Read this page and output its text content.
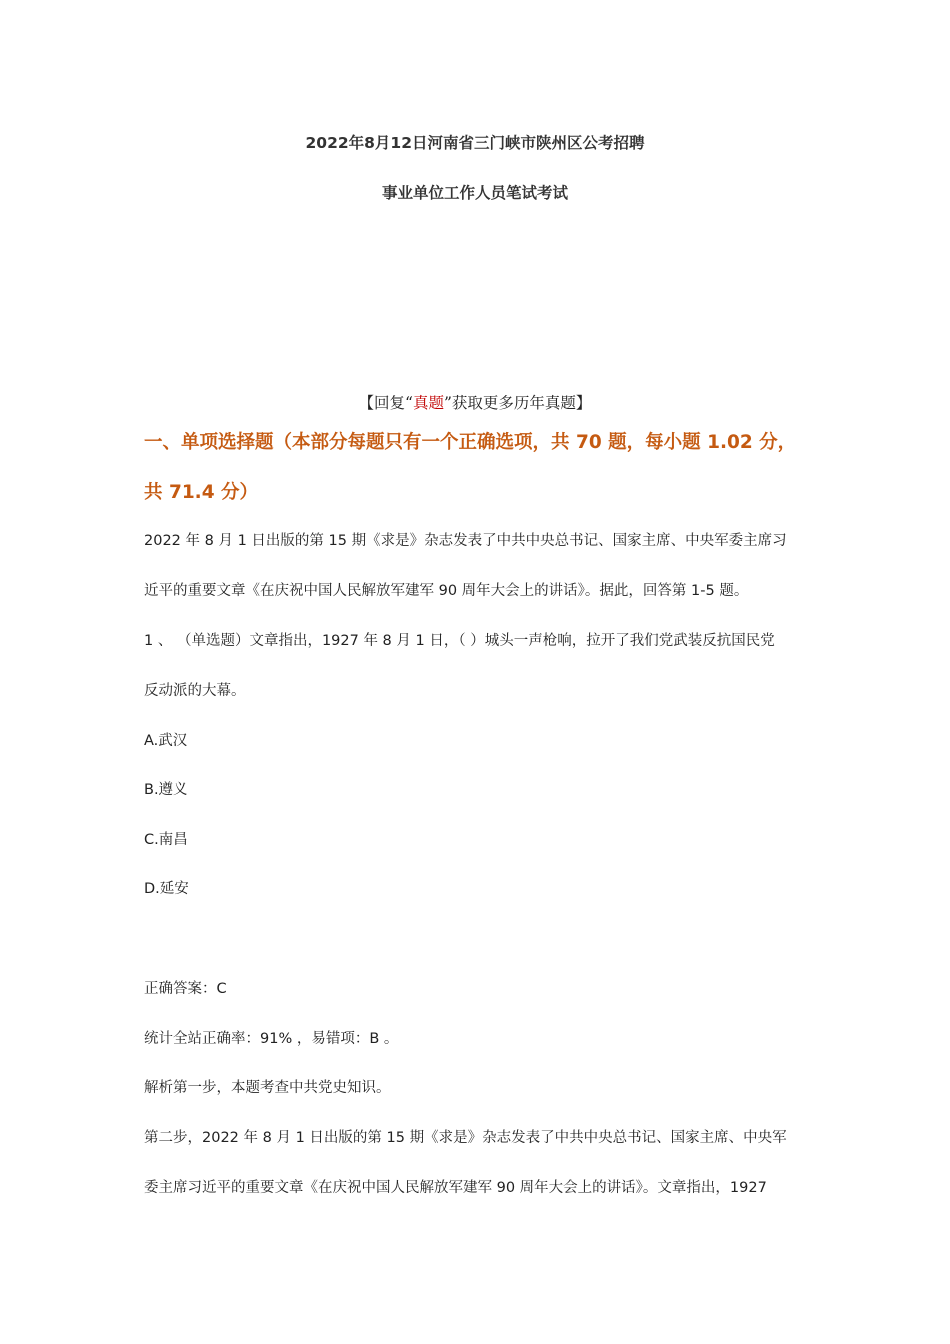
2022年8月12日河南省三门峡市陕州区公考招聘
事业单位工作人员笔试考试
【回复“真题”获取更多历年真题】
一、单项选择题（本部分每题只有一个正确选项，共 70 题，每小题 1.02 分，
共 71.4 分）
2022 年 8 月 1 日出版的第 15 期《求是》杂志发表了中共中央总书记、国家主席、中央军委主席习
近平的重要文章《在庆祝中国人民解放军建军 90 周年大会上的讲话》。据此，回答第 1-5 题。
1 、 （单选题）文章指出，1927 年 8 月 1 日，（ ）城头一声枪响，拉开了我们党武装反抗国民党
反动派的大幕。
A.武汉
B.遵义
C.南昌
D.延安
正确答案：C
统计全站正确率：91% ，易错项：B 。
解析第一步，本题考查中共党史知识。
第二步，2022 年 8 月 1 日出版的第 15 期《求是》杂志发表了中共中央总书记、国家主席、中央军
委主席习近平的重要文章《在庆祝中国人民解放军建军 90 周年大会上的讲话》。文章指出，1927
